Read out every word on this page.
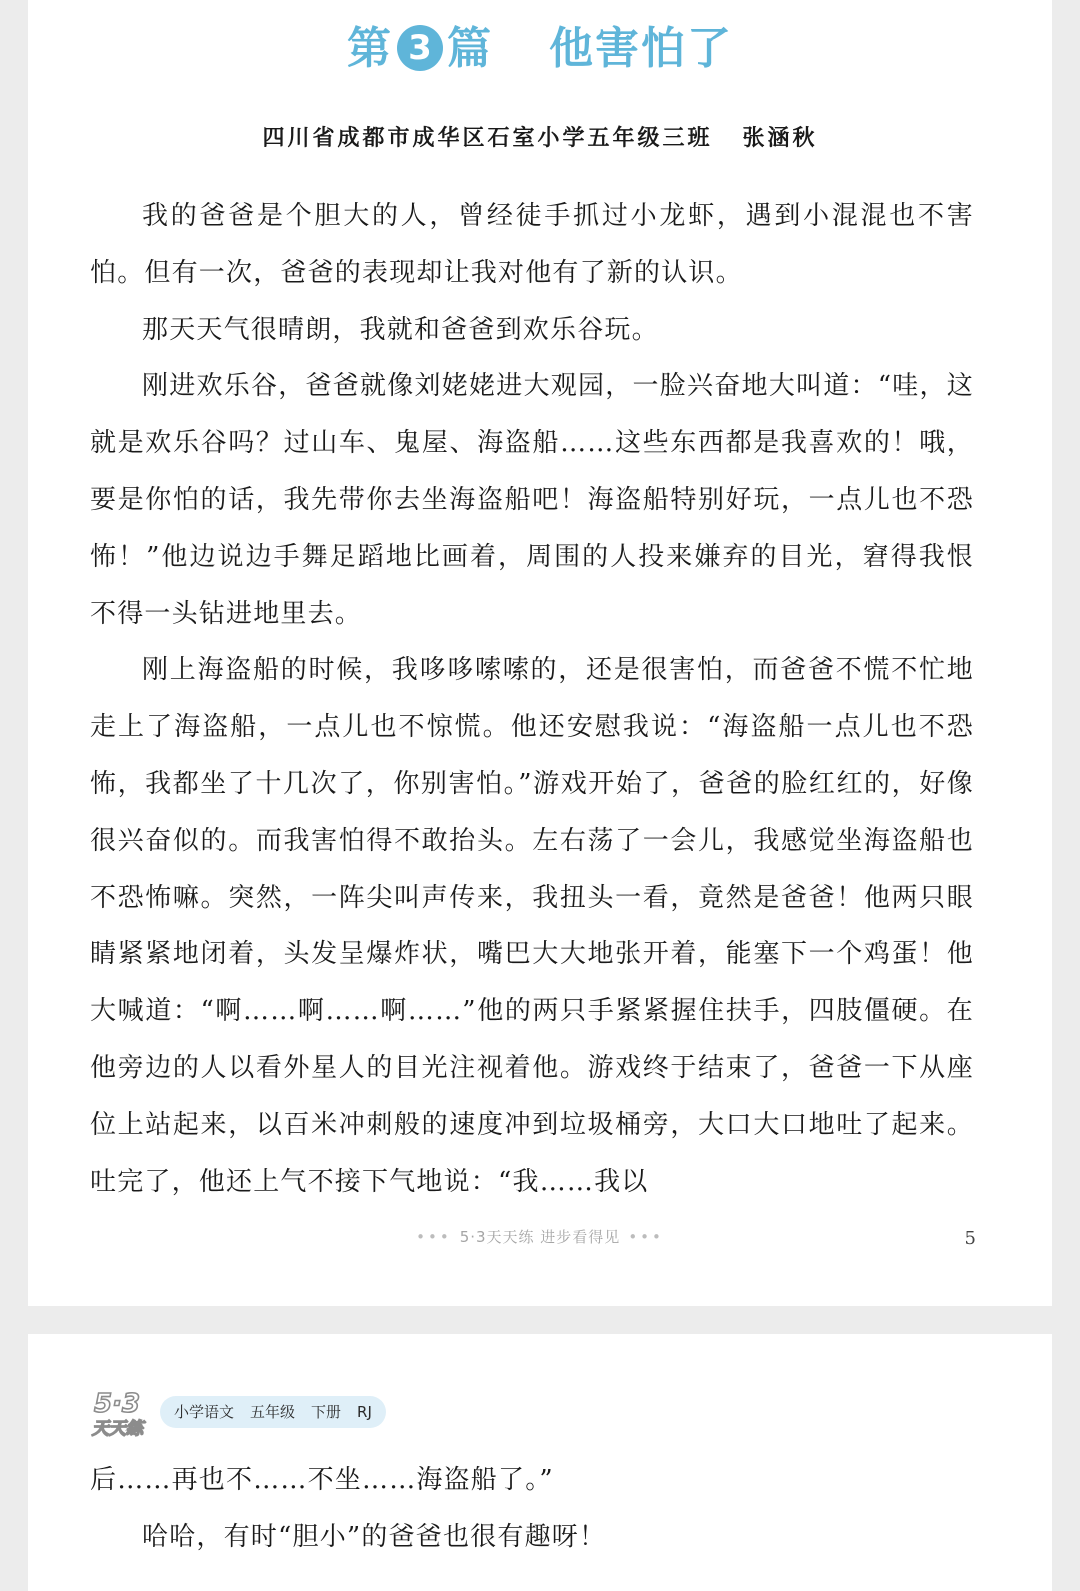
第 3 篇 他害怕了
四川省成都市成华区石室小学五年级三班 张涵秋

我的爸爸是个胆大的人，曾经徒手抓过小龙虾，遇到小混混也不害怕。但有一次，爸爸的表现却让我对他有了新的认识。

那天天气很晴朗，我就和爸爸到欢乐谷玩。

刚进欢乐谷，爸爸就像刘姥姥进大观园，一脸兴奋地大叫道：“哇，这就是欢乐谷吗？过山车、鬼屋、海盗船……这些东西都是我喜欢的！哦，要是你怕的话，我先带你去坐海盗船吧！海盗船特别好玩，一点儿也不恐怖！”他边说边手舞足蹈地比画着，周围的人投来嫌弃的目光，窘得我恨不得一头钻进地里去。

刚上海盗船的时候，我哆哆嗦嗦的，还是很害怕，而爸爸不慌不忙地走上了海盗船，一点儿也不惊慌。他还安慰我说：“海盗船一点儿也不恐怖，我都坐了十几次了，你别害怕。”游戏开始了，爸爸的脸红红的，好像很兴奋似的。而我害怕得不敢抬头。左右荡了一会儿，我感觉坐海盗船也不恐怖嘛。突然，一阵尖叫声传来，我扭头一看，竟然是爸爸！他两只眼睛紧紧地闭着，头发呈爆炸状，嘴巴大大地张开着，能塞下一个鸡蛋！他大喊道：“啊……啊……啊……”他的两只手紧紧握住扶手，四肢僵硬。在他旁边的人以看外星人的目光注视着他。游戏终于结束了，爸爸一下从座位上站起来，以百米冲刺般的速度冲到垃圾桶旁，大口大口地吐了起来。吐完了，他还上气不接下气地说：“我……我以

••• 5·3天天练 进步看得见 •••	5
5·3
天天练
小学语文 五年级 下册 RJ

后……再也不……不坐……海盗船了。”

哈哈，有时“胆小”的爸爸也很有趣呀！
